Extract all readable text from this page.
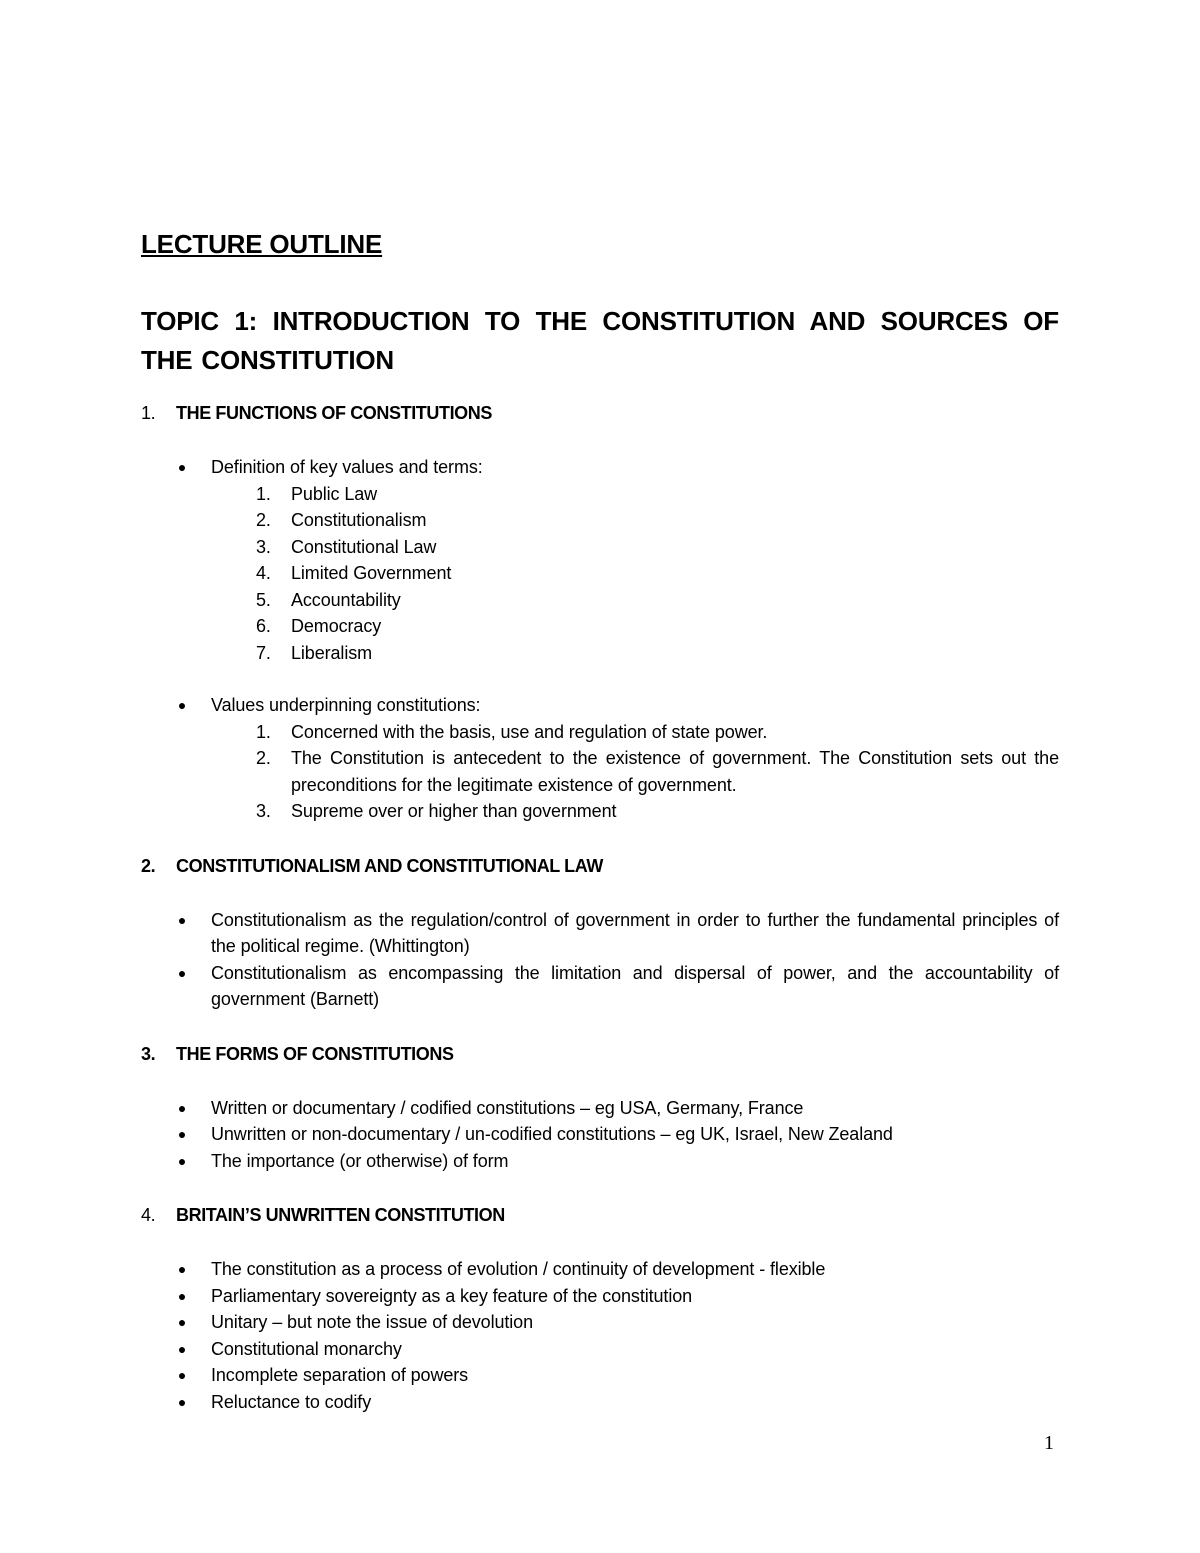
LECTURE OUTLINE
TOPIC 1: INTRODUCTION TO THE CONSTITUTION AND SOURCES OF THE CONSTITUTION
1.	THE FUNCTIONS OF CONSTITUTIONS
● Definition of key values and terms:
1. Public Law
2. Constitutionalism
3. Constitutional Law
4. Limited Government
5. Accountability
6. Democracy
7. Liberalism
● Values underpinning constitutions:
1. Concerned with the basis, use and regulation of state power.
2. The Constitution is antecedent to the existence of government. The Constitution sets out the preconditions for the legitimate existence of government.
3. Supreme over or higher than government
2.	CONSTITUTIONALISM AND CONSTITUTIONAL LAW
● Constitutionalism as the regulation/control of government in order to further the fundamental principles of the political regime. (Whittington)
● Constitutionalism as encompassing the limitation and dispersal of power, and the accountability of government (Barnett)
3.	THE FORMS OF CONSTITUTIONS
● Written or documentary / codified constitutions – eg USA, Germany, France
● Unwritten or non-documentary / un-codified constitutions – eg UK, Israel, New Zealand
● The importance (or otherwise) of form
4.	BRITAIN’S UNWRITTEN CONSTITUTION
● The constitution as a process of evolution / continuity of development - flexible
● Parliamentary sovereignty as a key feature of the constitution
● Unitary – but note the issue of devolution
● Constitutional monarchy
● Incomplete separation of powers
● Reluctance to codify
1
